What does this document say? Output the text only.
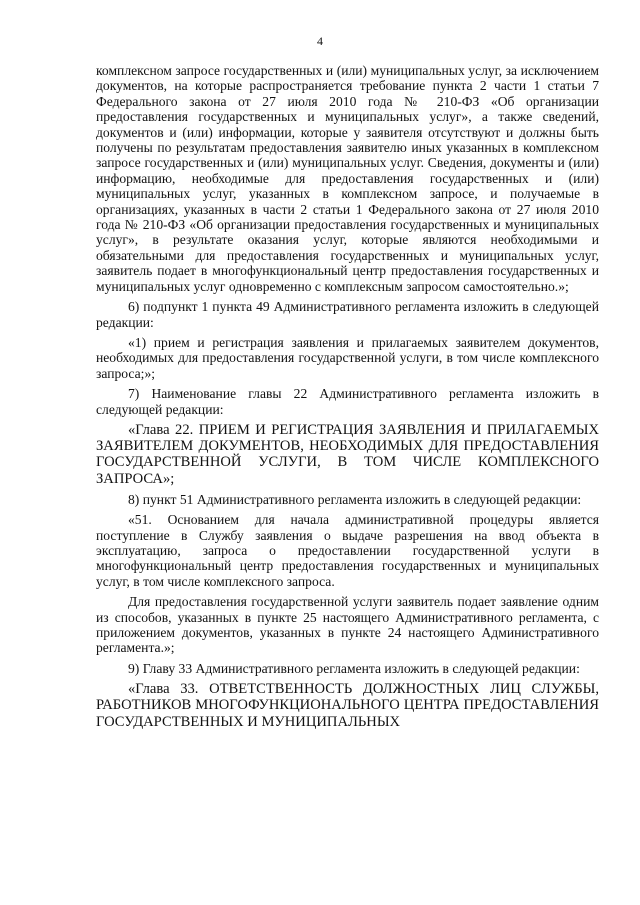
4

комплексном запросе государственных и (или) муниципальных услуг, за исключением документов, на которые распространяется требование пункта 2 части 1 статьи 7 Федерального закона от 27 июля 2010 года № 210-ФЗ «Об организации предоставления государственных и муниципальных услуг», а также сведений, документов и (или) информации, которые у заявителя отсутствуют и должны быть получены по результатам предоставления заявителю иных указанных в комплексном запросе государственных и (или) муниципальных услуг. Сведения, документы и (или) информацию, необходимые для предоставления государственных и (или) муниципальных услуг, указанных в комплексном запросе, и получаемые в организациях, указанных в части 2 статьи 1 Федерального закона от 27 июля 2010 года № 210-ФЗ «Об организации предоставления государственных и муниципальных услуг», в результате оказания услуг, которые являются необходимыми и обязательными для предоставления государственных и муниципальных услуг, заявитель подает в многофункциональный центр предоставления государственных и муниципальных услуг одновременно с комплексным запросом самостоятельно.»;

6) подпункт 1 пункта 49 Административного регламента изложить в следующей редакции:

«1) прием и регистрация заявления и прилагаемых заявителем документов, необходимых для предоставления государственной услуги, в том числе комплексного запроса;»;

7) Наименование главы 22 Административного регламента изложить в следующей редакции:

«Глава 22. ПРИЕМ И РЕГИСТРАЦИЯ ЗАЯВЛЕНИЯ И ПРИЛАГАЕМЫХ ЗАЯВИТЕЛЕМ ДОКУМЕНТОВ, НЕОБХОДИМЫХ ДЛЯ ПРЕДОСТАВЛЕНИЯ ГОСУДАРСТВЕННОЙ УСЛУГИ, В ТОМ ЧИСЛЕ КОМПЛЕКСНОГО ЗАПРОСА»;

8) пункт 51 Административного регламента изложить в следующей редакции:

«51. Основанием для начала административной процедуры является поступление в Службу заявления о выдаче разрешения на ввод объекта в эксплуатацию, запроса о предоставлении государственной услуги в многофункциональный центр предоставления государственных и муниципальных услуг, в том числе комплексного запроса.

Для предоставления государственной услуги заявитель подает заявление одним из способов, указанных в пункте 25 настоящего Административного регламента, с приложением документов, указанных в пункте 24 настоящего Административного регламента.»;

9) Главу 33 Административного регламента изложить в следующей редакции:

«Глава 33. ОТВЕТСТВЕННОСТЬ ДОЛЖНОСТНЫХ ЛИЦ СЛУЖБЫ, РАБОТНИКОВ МНОГОФУНКЦИОНАЛЬНОГО ЦЕНТРА ПРЕДОСТАВЛЕНИЯ ГОСУДАРСТВЕННЫХ И МУНИЦИПАЛЬНЫХ
